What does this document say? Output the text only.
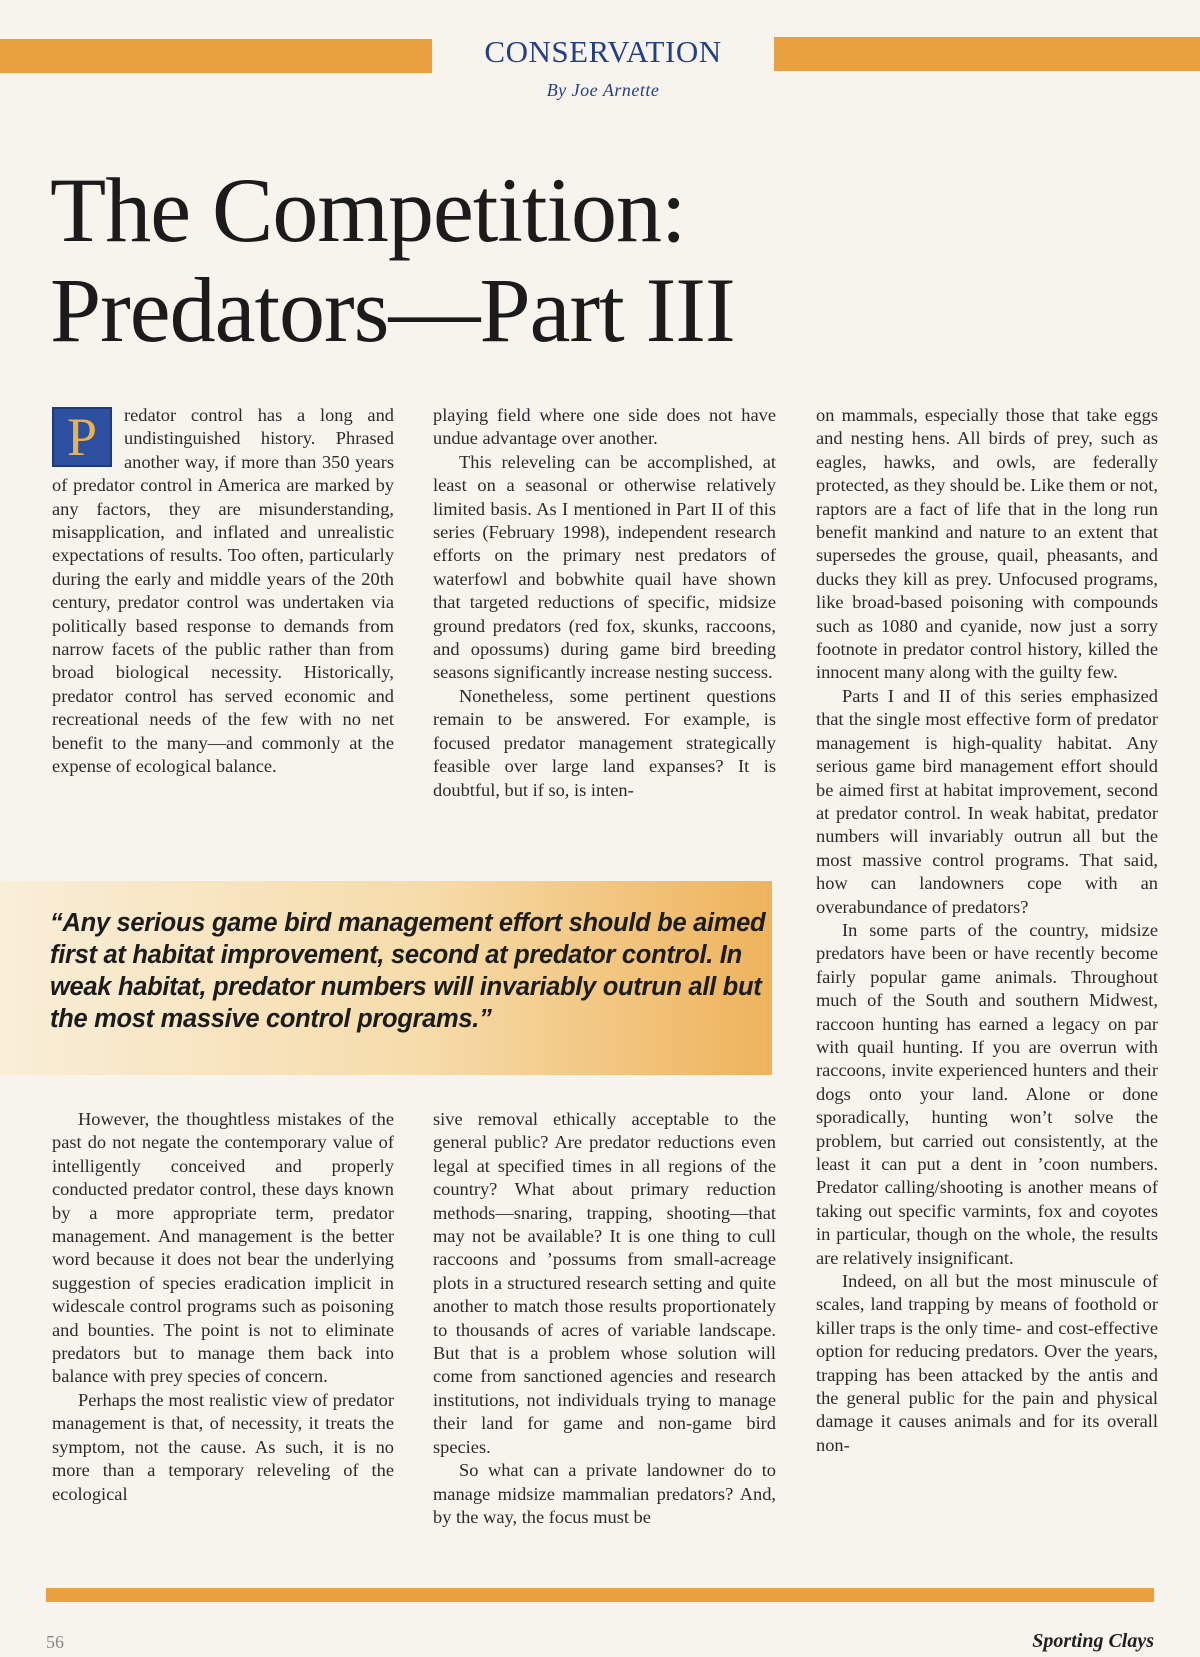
CONSERVATION
By Joe Arnette
The Competition:
Predators—Part III

P	redator control has a long and undistinguished history. Phrased another way, if more than 350 years of predator control in America are marked by any factors, they are misunderstanding, misapplication, and inflated and unrealistic expectations of results. Too often, particularly during the early and middle years of the 20th century, predator control was undertaken via politically based response to demands from narrow facets of the public rather than from broad biological necessity. Historically, predator control has served economic and recreational needs of the few with no net benefit to the many—and commonly at the expense of ecological balance.

playing field where one side does not have undue advantage over another.

This releveling can be accomplished, at least on a seasonal or otherwise relatively limited basis. As I mentioned in Part II of this series (February 1998), independent research efforts on the primary nest predators of waterfowl and bobwhite quail have shown that targeted reductions of specific, midsize ground predators (red fox, skunks, raccoons, and opossums) during game bird breeding seasons significantly increase nesting success.

Nonetheless, some pertinent questions remain to be answered. For example, is focused predator management strategically feasible over large land expanses? It is doubtful, but if so, is inten-

“Any serious game bird management effort should be aimed first at habitat improvement, second at predator control. In weak habitat, predator numbers will invariably outrun all but the most massive control programs.”

However, the thoughtless mistakes of the past do not negate the contemporary value of intelligently conceived and properly conducted predator control, these days known by a more appropriate term, predator management. And management is the better word because it does not bear the underlying suggestion of species eradication implicit in widescale control programs such as poisoning and bounties. The point is not to eliminate predators but to manage them back into balance with prey species of concern.

Perhaps the most realistic view of predator management is that, of necessity, it treats the symptom, not the cause. As such, it is no more than a temporary releveling of the ecological

sive removal ethically acceptable to the general public? Are predator reductions even legal at specified times in all regions of the country? What about primary reduction methods—snaring, trapping, shooting—that may not be available? It is one thing to cull raccoons and ’possums from small-acreage plots in a structured research setting and quite another to match those results proportionately to thousands of acres of variable landscape. But that is a problem whose solution will come from sanctioned agencies and research institutions, not individuals trying to manage their land for game and non-game bird species.

So what can a private landowner do to manage midsize mammalian predators? And, by the way, the focus must be

on mammals, especially those that take eggs and nesting hens. All birds of prey, such as eagles, hawks, and owls, are federally protected, as they should be. Like them or not, raptors are a fact of life that in the long run benefit mankind and nature to an extent that supersedes the grouse, quail, pheasants, and ducks they kill as prey. Unfocused programs, like broad-based poisoning with compounds such as 1080 and cyanide, now just a sorry footnote in predator control history, killed the innocent many along with the guilty few.

Parts I and II of this series emphasized that the single most effective form of predator management is high-quality habitat. Any serious game bird management effort should be aimed first at habitat improvement, second at predator control. In weak habitat, predator numbers will invariably outrun all but the most massive control programs. That said, how can landowners cope with an overabundance of predators?

In some parts of the country, midsize predators have been or have recently become fairly popular game animals. Throughout much of the South and southern Midwest, raccoon hunting has earned a legacy on par with quail hunting. If you are overrun with raccoons, invite experienced hunters and their dogs onto your land. Alone or done sporadically, hunting won’t solve the problem, but carried out consistently, at the least it can put a dent in ’coon numbers. Predator calling/shooting is another means of taking out specific varmints, fox and coyotes in particular, though on the whole, the results are relatively insignificant.

Indeed, on all but the most minuscule of scales, land trapping by means of foothold or killer traps is the only time- and cost-effective option for reducing predators. Over the years, trapping has been attacked by the antis and the general public for the pain and physical damage it causes animals and for its overall non-

56	Sporting Clays
